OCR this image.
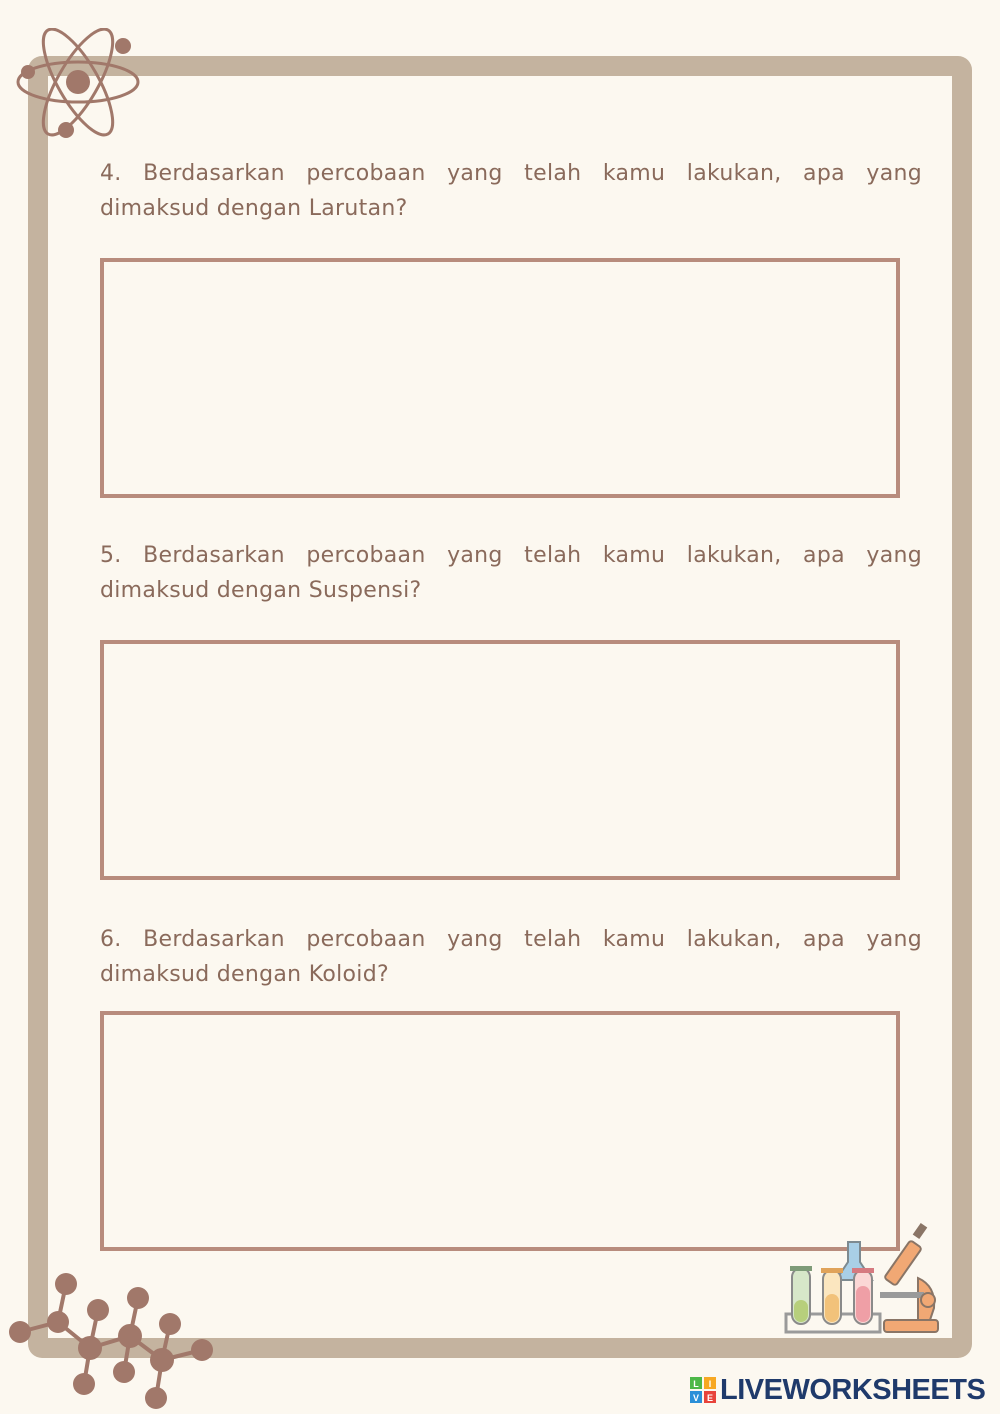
4. Berdasarkan percobaan yang telah kamu lakukan, apa yang dimaksud dengan Larutan?
5. Berdasarkan percobaan yang telah kamu lakukan, apa yang dimaksud dengan Suspensi?
6. Berdasarkan percobaan yang telah kamu lakukan, apa yang dimaksud dengan Koloid?
L I
V E LIVEWORKSHEETS
